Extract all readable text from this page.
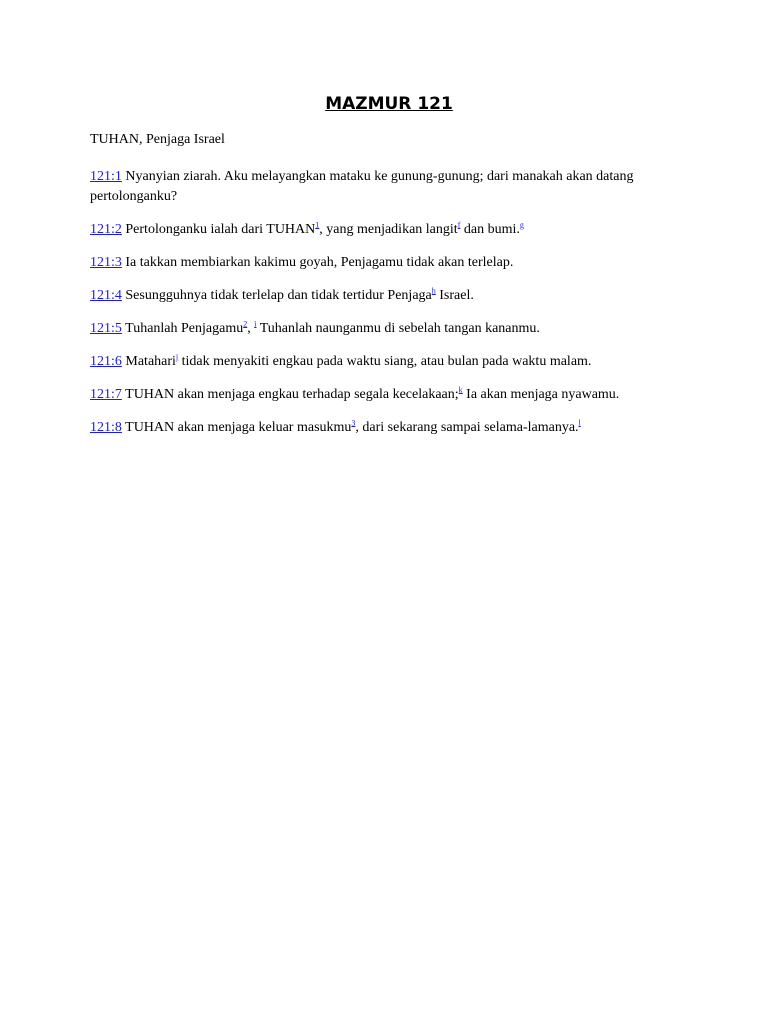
MAZMUR 121

TUHAN, Penjaga Israel

121:1 Nyanyian ziarah. Aku melayangkan mataku ke gunung-gunung; dari manakah akan datang pertolonganku?

121:2 Pertolonganku ialah dari TUHAN$^1$, yang menjadikan langit$^f$ dan bumi.$^g$

121:3 Ia takkan membiarkan kakimu goyah, Penjagamu tidak akan terlelap.

121:4 Sesungguhnya tidak terlelap dan tidak tertidur Penjaga$^h$ Israel.

121:5 Tuhanlah Penjagamu$^2$, $^i$ Tuhanlah naunganmu di sebelah tangan kananmu.

121:6 Matahari$^j$ tidak menyakiti engkau pada waktu siang, atau bulan pada waktu malam.

121:7 TUHAN akan menjaga engkau terhadap segala kecelakaan;$^k$ Ia akan menjaga nyawamu.

121:8 TUHAN akan menjaga keluar masukmu$^3$, dari sekarang sampai selama-lamanya.$^l$
